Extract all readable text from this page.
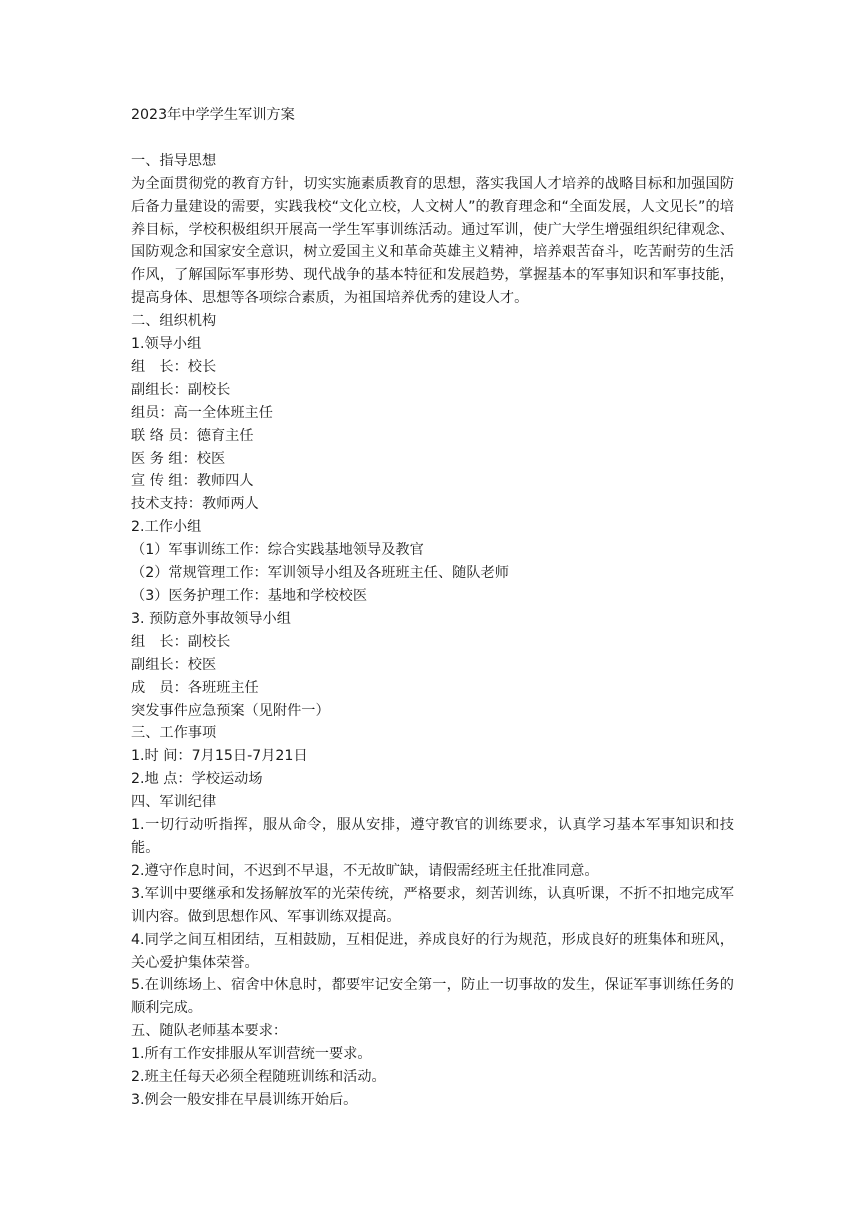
2023年中学学生军训方案

一、指导思想

为全面贯彻党的教育方针，切实实施素质教育的思想，落实我国人才培养的战略目标和加强国防后备力量建设的需要，实践我校“文化立校，人文树人”的教育理念和“全面发展，人文见长”的培养目标，学校积极组织开展高一学生军事训练活动。通过军训，使广大学生增强组织纪律观念、国防观念和国家安全意识，树立爱国主义和革命英雄主义精神，培养艰苦奋斗，吃苦耐劳的生活作风，了解国际军事形势、现代战争的基本特征和发展趋势，掌握基本的军事知识和军事技能，提高身体、思想等各项综合素质，为祖国培养优秀的建设人才。

二、组织机构

1.领导小组

组　长：校长

副组长：副校长

组员：高一全体班主任

联 络 员：德育主任

医 务 组：校医

宣 传 组：教师四人

技术支持：教师两人

2.工作小组

（1）军事训练工作：综合实践基地领导及教官

（2）常规管理工作：军训领导小组及各班班主任、随队老师

（3）医务护理工作：基地和学校校医

3. 预防意外事故领导小组

组　长：副校长

副组长：校医

成　员：各班班主任

突发事件应急预案（见附件一）

三、工作事项

1.时 间：7月15日-7月21日

2.地 点：学校运动场

四、军训纪律

1.一切行动听指挥，服从命令，服从安排，遵守教官的训练要求，认真学习基本军事知识和技能。

2.遵守作息时间，不迟到不早退，不无故旷缺，请假需经班主任批准同意。

3.军训中要继承和发扬解放军的光荣传统，严格要求，刻苦训练，认真听课，不折不扣地完成军训内容。做到思想作风、军事训练双提高。

4.同学之间互相团结，互相鼓励，互相促进，养成良好的行为规范，形成良好的班集体和班风，关心爱护集体荣誉。

5.在训练场上、宿舍中休息时，都要牢记安全第一，防止一切事故的发生，保证军事训练任务的顺利完成。

五、随队老师基本要求：

1.所有工作安排服从军训营统一要求。

2.班主任每天必须全程随班训练和活动。

3.例会一般安排在早晨训练开始后。
